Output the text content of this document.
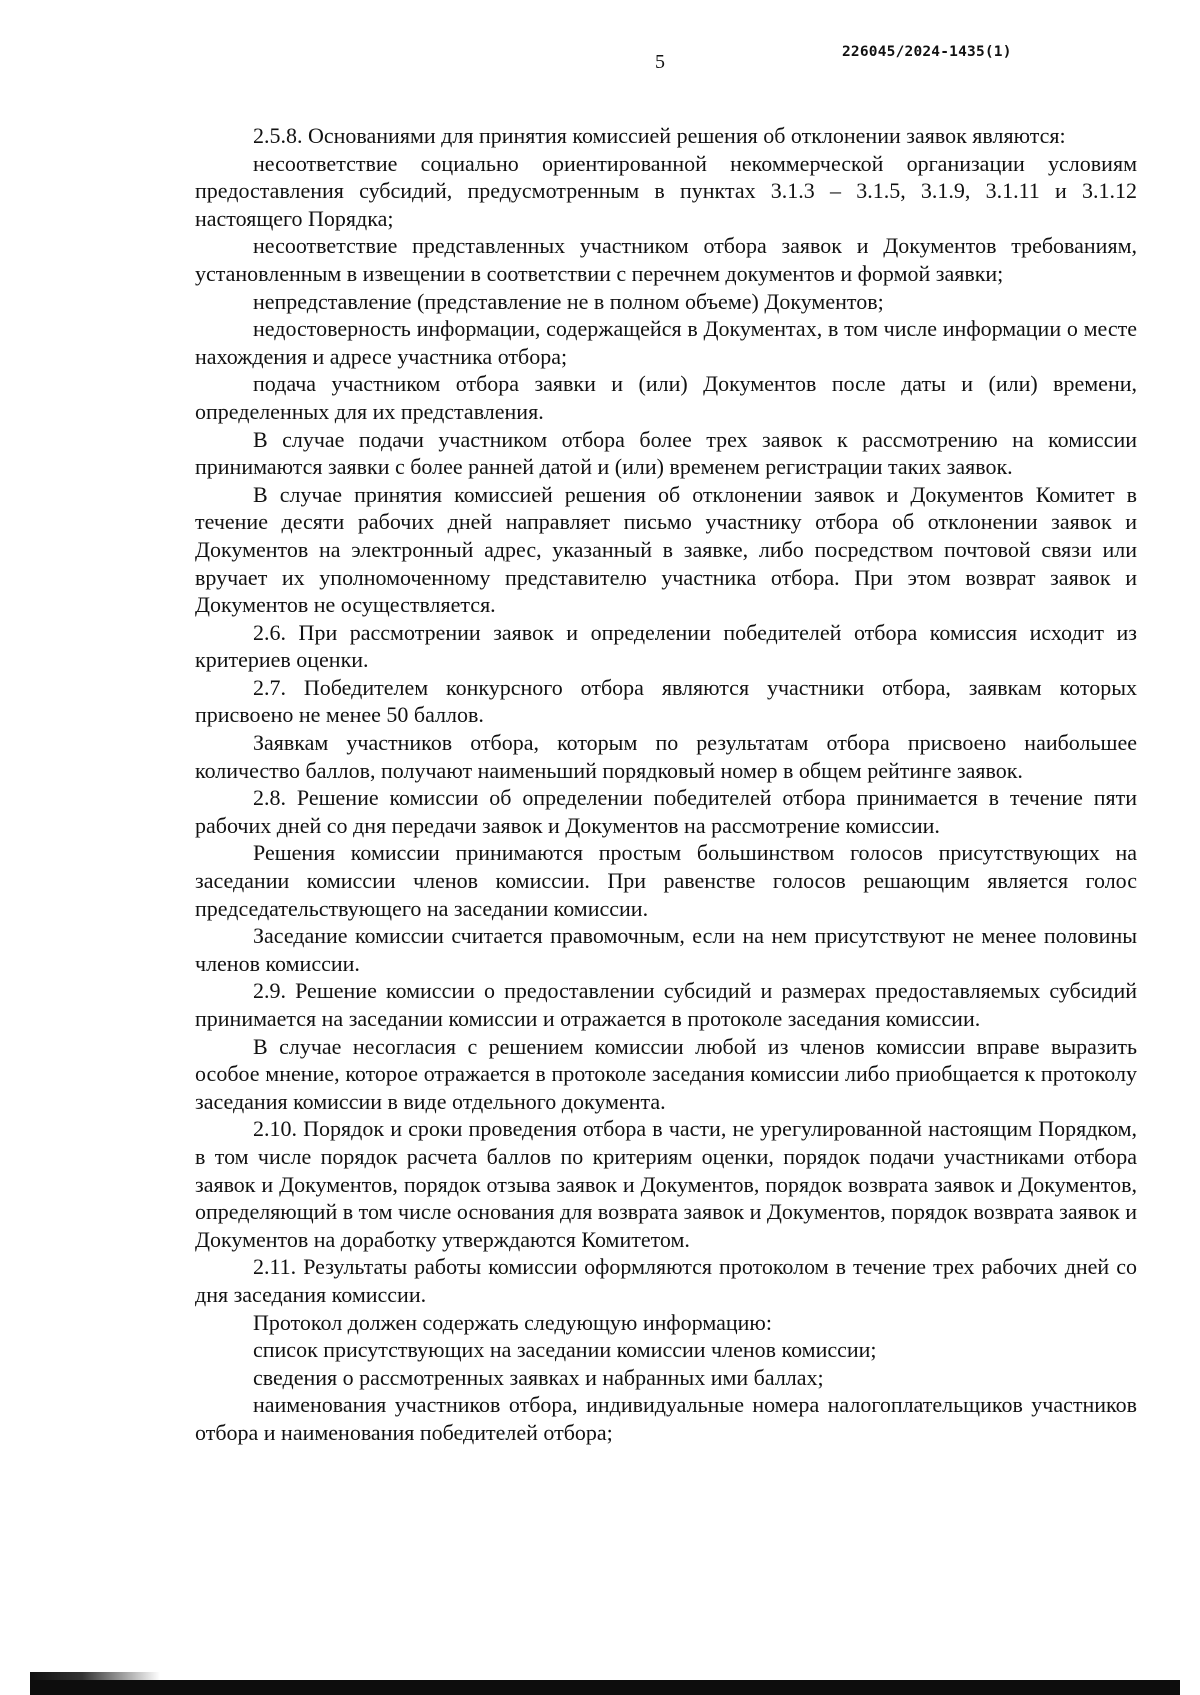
5	226045/2024-1435(1)

2.5.8. Основаниями для принятия комиссией решения об отклонении заявок являются:

несоответствие социально ориентированной некоммерческой организации условиям предоставления субсидий, предусмотренным в пунктах 3.1.3 – 3.1.5, 3.1.9, 3.1.11 и 3.1.12 настоящего Порядка;

несоответствие представленных участником отбора заявок и Документов требованиям, установленным в извещении в соответствии с перечнем документов и формой заявки;

непредставление (представление не в полном объеме) Документов;

недостоверность информации, содержащейся в Документах, в том числе информации о месте нахождения и адресе участника отбора;

подача участником отбора заявки и (или) Документов после даты и (или) времени, определенных для их представления.

В случае подачи участником отбора более трех заявок к рассмотрению на комиссии принимаются заявки с более ранней датой и (или) временем регистрации таких заявок.

В случае принятия комиссией решения об отклонении заявок и Документов Комитет в течение десяти рабочих дней направляет письмо участнику отбора об отклонении заявок и Документов на электронный адрес, указанный в заявке, либо посредством почтовой связи или вручает их уполномоченному представителю участника отбора. При этом возврат заявок и Документов не осуществляется.

2.6. При рассмотрении заявок и определении победителей отбора комиссия исходит из критериев оценки.

2.7. Победителем конкурсного отбора являются участники отбора, заявкам которых присвоено не менее 50 баллов.

Заявкам участников отбора, которым по результатам отбора присвоено наибольшее количество баллов, получают наименьший порядковый номер в общем рейтинге заявок.

2.8. Решение комиссии об определении победителей отбора принимается в течение пяти рабочих дней со дня передачи заявок и Документов на рассмотрение комиссии.

Решения комиссии принимаются простым большинством голосов присутствующих на заседании комиссии членов комиссии. При равенстве голосов решающим является голос председательствующего на заседании комиссии.

Заседание комиссии считается правомочным, если на нем присутствуют не менее половины членов комиссии.

2.9. Решение комиссии о предоставлении субсидий и размерах предоставляемых субсидий принимается на заседании комиссии и отражается в протоколе заседания комиссии.

В случае несогласия с решением комиссии любой из членов комиссии вправе выразить особое мнение, которое отражается в протоколе заседания комиссии либо приобщается к протоколу заседания комиссии в виде отдельного документа.

2.10. Порядок и сроки проведения отбора в части, не урегулированной настоящим Порядком, в том числе порядок расчета баллов по критериям оценки, порядок подачи участниками отбора заявок и Документов, порядок отзыва заявок и Документов, порядок возврата заявок и Документов, определяющий в том числе основания для возврата заявок и Документов, порядок возврата заявок и Документов на доработку утверждаются Комитетом.

2.11. Результаты работы комиссии оформляются протоколом в течение трех рабочих дней со дня заседания комиссии.

Протокол должен содержать следующую информацию:

список присутствующих на заседании комиссии членов комиссии;

сведения о рассмотренных заявках и набранных ими баллах;

наименования участников отбора, индивидуальные номера налогоплательщиков участников отбора и наименования победителей отбора;
